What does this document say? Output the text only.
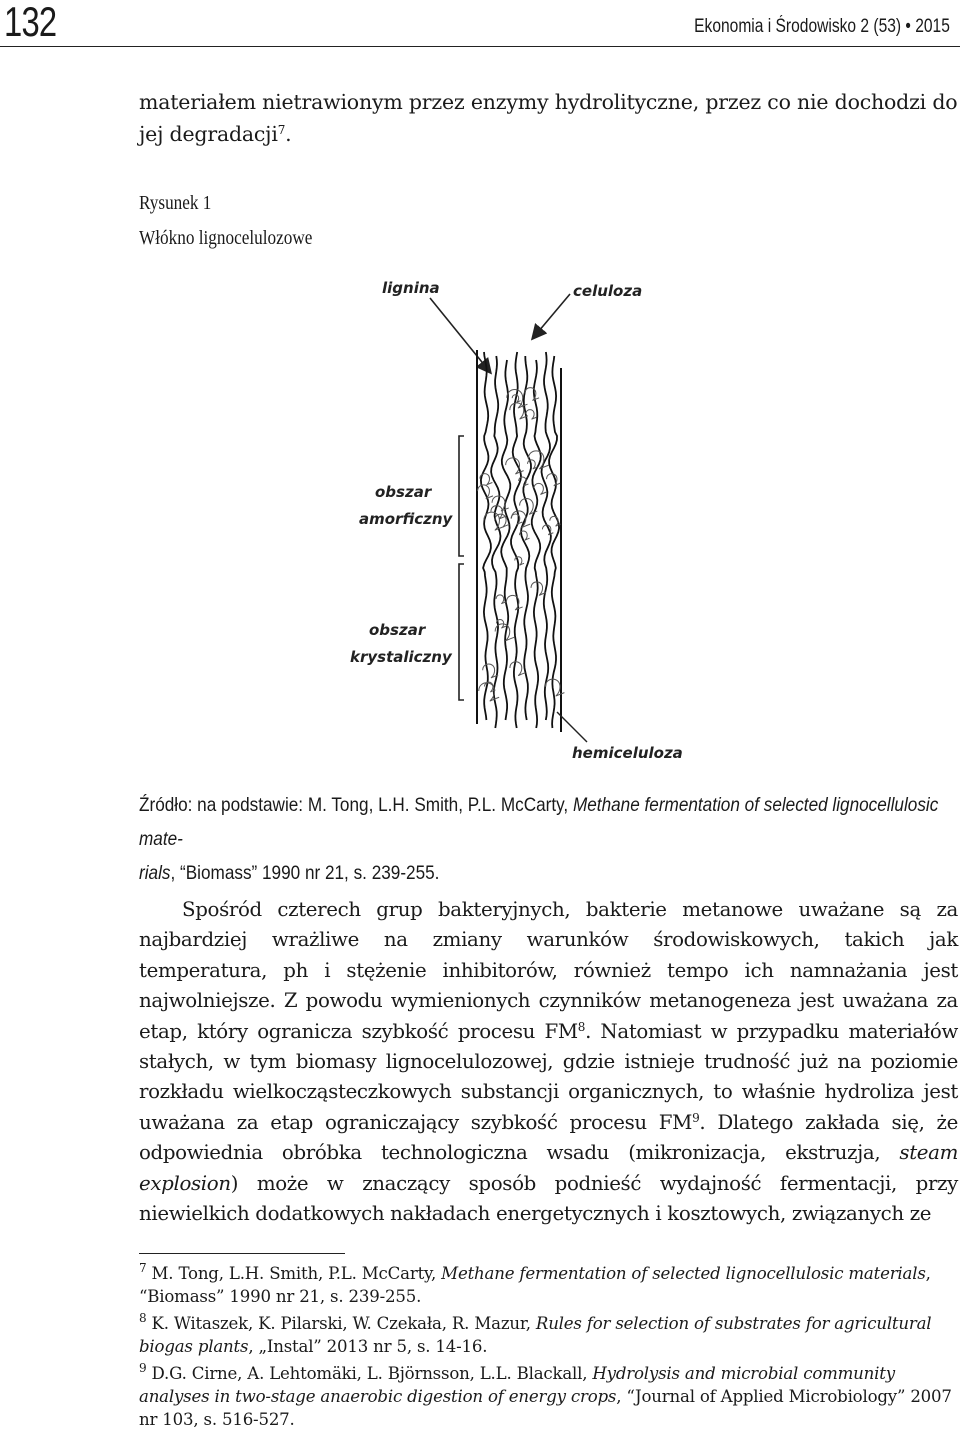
132	Ekonomia i Środowisko 2 (53) • 2015
materiałem nietrawionym przez enzymy hydrolityczne, przez co nie dochodzi do jej degradacji$^7$.
Rysunek 1
Włókno lignocelulozowe
lignina	celuloza
obszar
amorficzny
obszar
krystaliczny
hemiceluloza
Źródło: na podstawie: M. Tong, L.H. Smith, P.L. McCarty, Methane fermentation of selected lignocellulosic mate-
rials, “Biomass” 1990 nr 21, s. 239-255.

Spośród czterech grup bakteryjnych, bakterie metanowe uważane są za najbardziej wrażliwe na zmiany warunków środowiskowych, takich jak temperatura, ph i stężenie inhibitorów, również tempo ich namnażania jest najwolniejsze. Z powodu wymienionych czynników metanogeneza jest uważana za etap, który ogranicza szybkość procesu $FM^8$. Natomiast w przypadku materiałów stałych, w tym biomasy lignocelulozowej, gdzie istnieje trudność już na poziomie rozkładu wielkocząsteczkowych substancji organicznych, to właśnie hydroliza jest uważana za etap ograniczający szybkość procesu $FM^9$. Dlatego zakłada się, że odpowiednia obróbka technologiczna wsadu (mikronizacja, ekstruzja, steam explosion) może w znaczący sposób podnieść wydajność fermentacji, przy niewielkich dodatkowych nakładach energetycznych i kosztowych, związanych ze

$^7$ M. Tong, L.H. Smith, P.L. McCarty, Methane fermentation of selected lignocellulosic materials, “Biomass” 1990 nr 21, s. 239-255.
$^8$ K. Witaszek, K. Pilarski, W. Czekała, R. Mazur, Rules for selection of substrates for agricultural biogas plants, „Instal” 2013 nr 5, s. 14-16.
$^9$ D.G. Cirne, A. Lehtomäki, L. Björnsson, L.L. Blackall, Hydrolysis and microbial community analyses in two-stage anaerobic digestion of energy crops, “Journal of Applied Microbiology” 2007 nr 103, s. 516-527.
